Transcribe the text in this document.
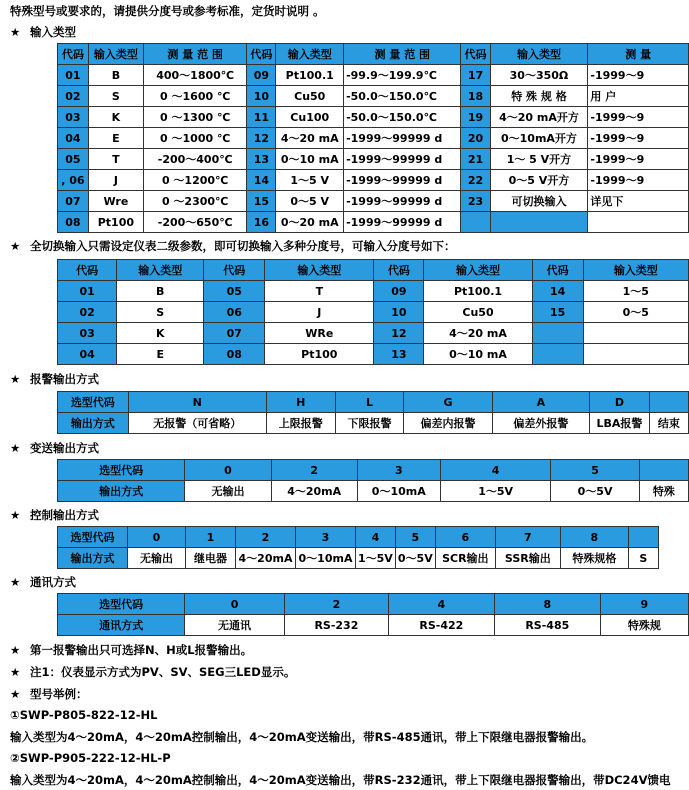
特殊型号或要求的，请提供分度号或参考标准，定货时说明 。
★ 输入类型
代码	输入类型	测 量 范 围	代码	输入类型	测 量 范 围	代码	输入类型	测 量
01	B	400～1800℃	09	Pt100.1	-99.9～199.9℃	17	30～350Ω	-1999～9
02	S	0 ～1600 ℃	10	Cu50	-50.0～150.0℃	18	特 殊 规 格	用 户
03	K	0 ～1300 ℃	11	Cu100	-50.0～150.0℃	19	4～20 mA开方	-1999～9
04	E	0 ～1000 ℃	12	4～20 mA	-1999～99999 d	20	0～10mA开方	-1999～9
05	T	-200～400℃	13	0～10 mA	-1999～99999 d	21	1～ 5 V开方	-1999～9
, 06	J	0 ～1200℃	14	1～5 V	-1999～99999 d	22	0～5 V开方	-1999～9
07	Wre	0 ～2300℃	15	0～5 V	-1999～99999 d	23	可切换输入	详见下
08	Pt100	-200～650℃	16	0～20 mA	-1999～99999 d			
★ 全切换输入只需设定仪表二级参数，即可切换输入多种分度号，可输入分度号如下：
代码	输入类型	代码	输入类型	代码	输入类型	代码	输入类型
01	B	05	T	09	Pt100.1	14	1～5
02	S	06	J	10	Cu50	15	0～5
03	K	07	WRe	12	4～20 mA		
04	E	08	Pt100	13	0～10 mA		
★ 报警输出方式
选型代码	N	H	L	G	A	D	
输出方式	无报警（可省略）	上限报警	下限报警	偏差内报警	偏差外报警	LBA报警	结束
★ 变送输出方式
选型代码	0	2	3	4	5	
输出方式	无输出	4～20mA	0～10mA	1～5V	0～5V	特殊
★ 控制输出方式
选型代码	0	1	2	3	4	5	6	7	8	
输出方式	无输出	继电器	4～20mA	0～10mA	1～5V	0～5V	SCR输出	SSR输出	特殊规格	S
★ 通讯方式
选型代码	0	2	4	8	9
通讯方式	无通讯	RS-232	RS-422	RS-485	特殊规
★ 第一报警输出只可选择N、H或L报警输出。
★ 注1：仪表显示方式为PV、SV、SEG三LED显示。
★ 型号举例：
①SWP-P805-822-12-HL
输入类型为4～20mA，4～20mA控制输出，4～20mA变送输出，带RS-485通讯，带上下限继电器报警输出。
②SWP-P905-222-12-HL-P
输入类型为4～20mA，4～20mA控制输出，4～20mA变送输出，带RS-232通讯，带上下限继电器报警输出，带DC24V馈电
